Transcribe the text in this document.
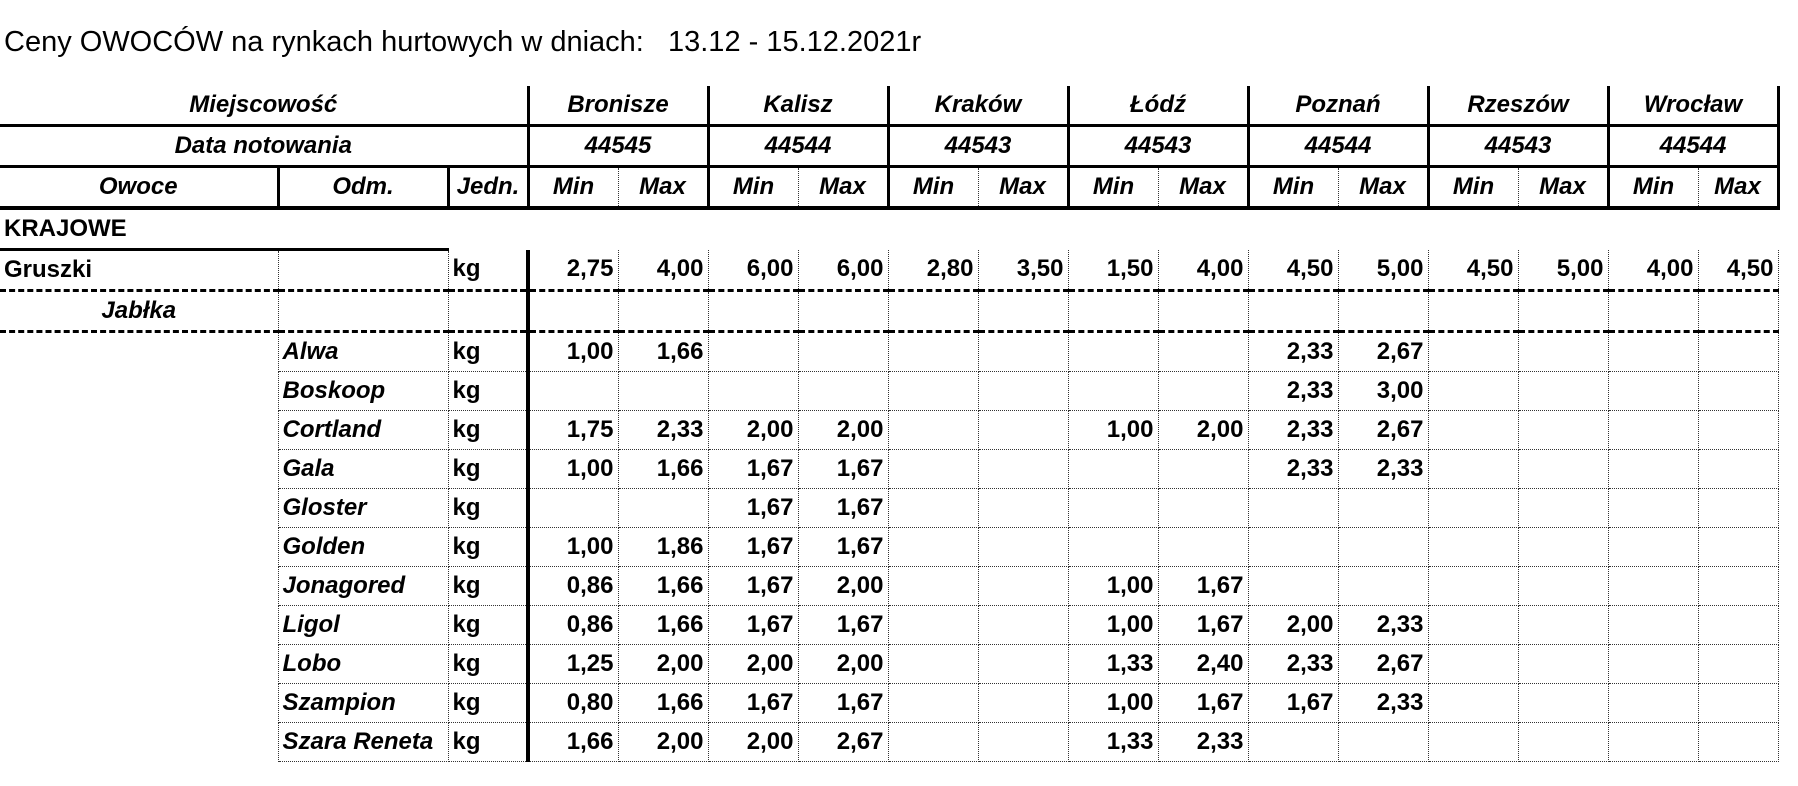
Ceny OWOCÓW na rynkach hurtowych w dniach:   13.12 - 15.12.2021r
Miejscowość			Bronisze		Kalisz		Kraków		Łódź		Poznań		Rzeszów		Wrocław	
Data notowania			44545		44544		44543		44543		44544		44543		44544	
Owoce	Odm.	Jedn.	Min	Max	Min	Max	Min	Max	Min	Max	Min	Max	Min	Max	Min	Max
KRAJOWE																
Gruszki		kg	2,75	4,00	6,00	6,00	2,80	3,50	1,50	4,00	4,50	5,00	4,50	5,00	4,00	4,50
Jabłka																
	Alwa	kg	1,00	1,66							2,33	2,67				
	Boskoop	kg									2,33	3,00				
	Cortland	kg	1,75	2,33	2,00	2,00			1,00	2,00	2,33	2,67				
	Gala	kg	1,00	1,66	1,67	1,67					2,33	2,33				
	Gloster	kg			1,67	1,67										
	Golden	kg	1,00	1,86	1,67	1,67										
	Jonagored	kg	0,86	1,66	1,67	2,00			1,00	1,67						
	Ligol	kg	0,86	1,66	1,67	1,67			1,00	1,67	2,00	2,33				
	Lobo	kg	1,25	2,00	2,00	2,00			1,33	2,40	2,33	2,67				
	Szampion	kg	0,80	1,66	1,67	1,67			1,00	1,67	1,67	2,33				
	Szara Reneta	kg	1,66	2,00	2,00	2,67			1,33	2,33						
